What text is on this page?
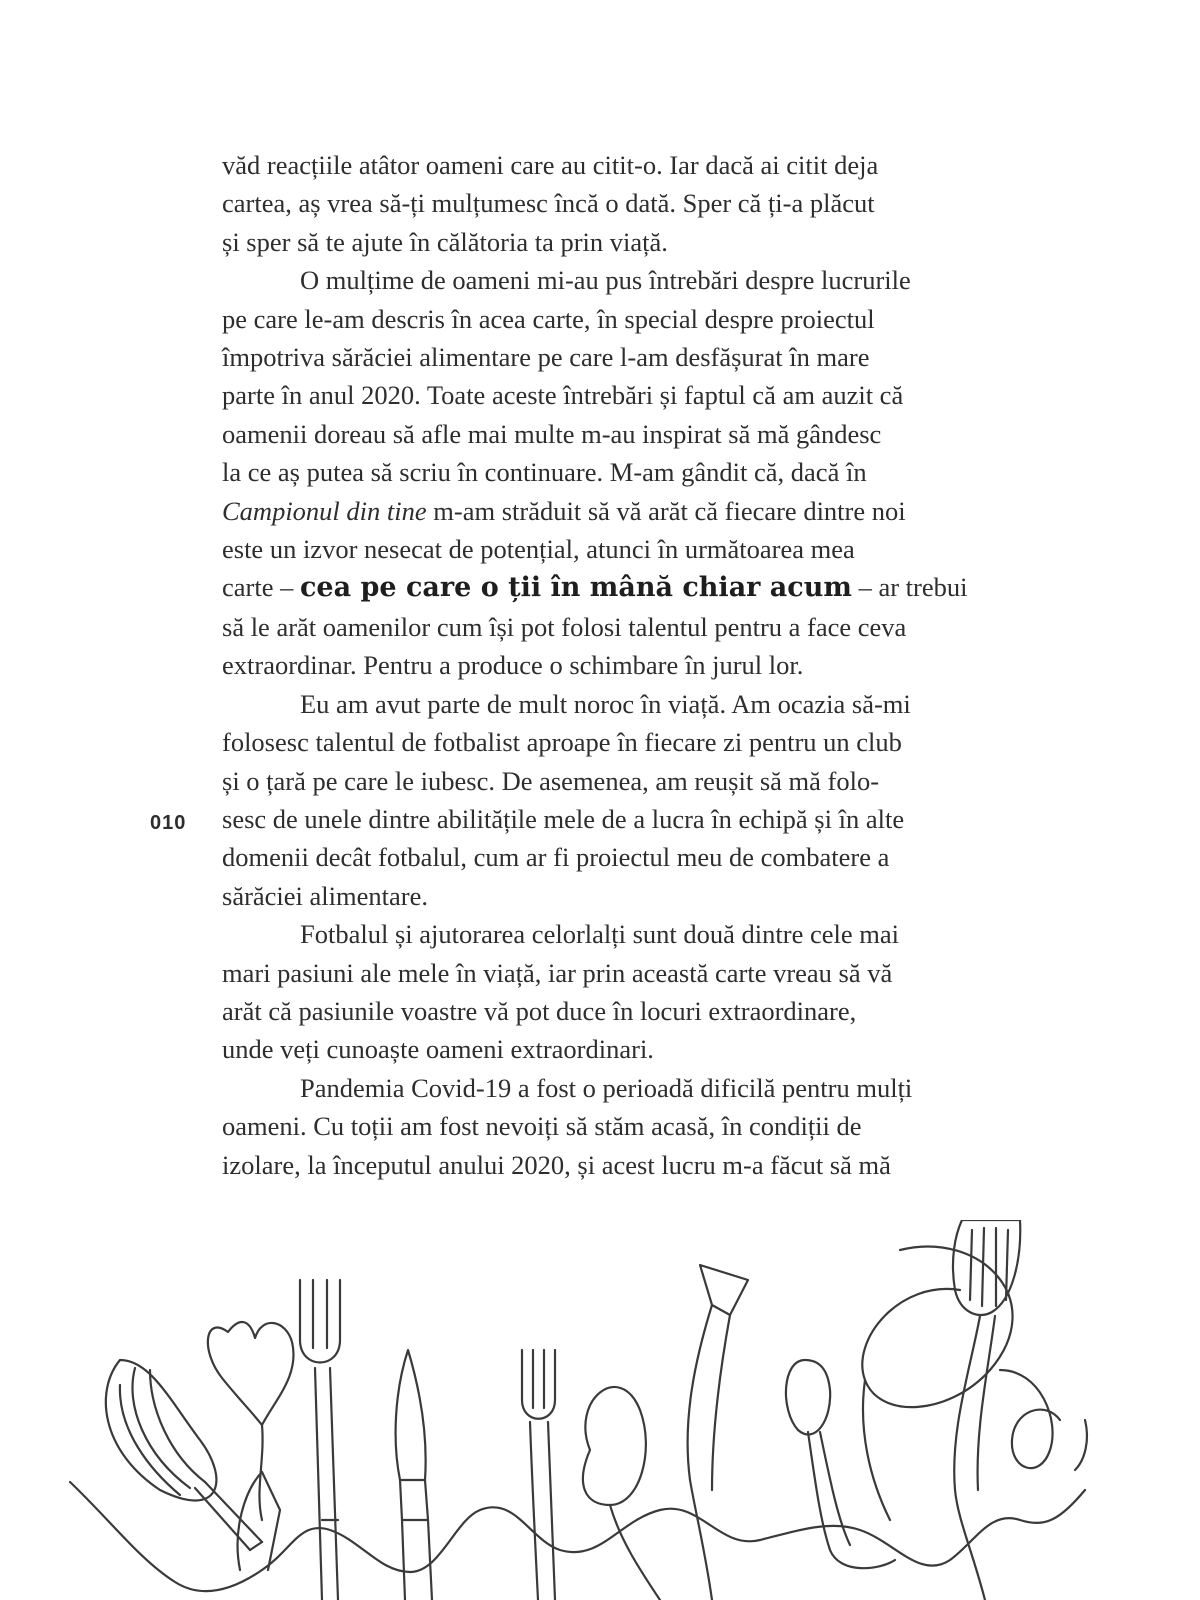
văd reacțiile atâtor oameni care au citit-o. Iar dacă ai citit deja
cartea, aș vrea să-ți mulțumesc încă o dată. Sper că ți-a plăcut
și sper să te ajute în călătoria ta prin viață.

O mulțime de oameni mi-au pus întrebări despre lucrurile
pe care le-am descris în acea carte, în special despre proiectul
împotriva sărăciei alimentare pe care l-am desfășurat în mare
parte în anul 2020. Toate aceste întrebări și faptul că am auzit că
oamenii doreau să afle mai multe m-au inspirat să mă gândesc
la ce aș putea să scriu în continuare. M-am gândit că, dacă în
Campionul din tine m-am străduit să vă arăt că fiecare dintre noi
este un izvor nesecat de potențial, atunci în următoarea mea
carte – cea pe care o ții în mână chiar acum – ar trebui
să le arăt oamenilor cum își pot folosi talentul pentru a face ceva
extraordinar. Pentru a produce o schimbare în jurul lor.

Eu am avut parte de mult noroc în viață. Am ocazia să-mi
folosesc talentul de fotbalist aproape în fiecare zi pentru un club
și o țară pe care le iubesc. De asemenea, am reușit să mă folo-
sesc de unele dintre abilitățile mele de a lucra în echipă și în alte
domenii decât fotbalul, cum ar fi proiectul meu de combatere a
sărăciei alimentare.

Fotbalul și ajutorarea celorlalți sunt două dintre cele mai
mari pasiuni ale mele în viață, iar prin această carte vreau să vă
arăt că pasiunile voastre vă pot duce în locuri extraordinare,
unde veți cunoaște oameni extraordinari.

Pandemia Covid-19 a fost o perioadă dificilă pentru mulți
oameni. Cu toții am fost nevoiți să stăm acasă, în condiții de
izolare, la începutul anului 2020, și acest lucru m-a făcut să mă

010
